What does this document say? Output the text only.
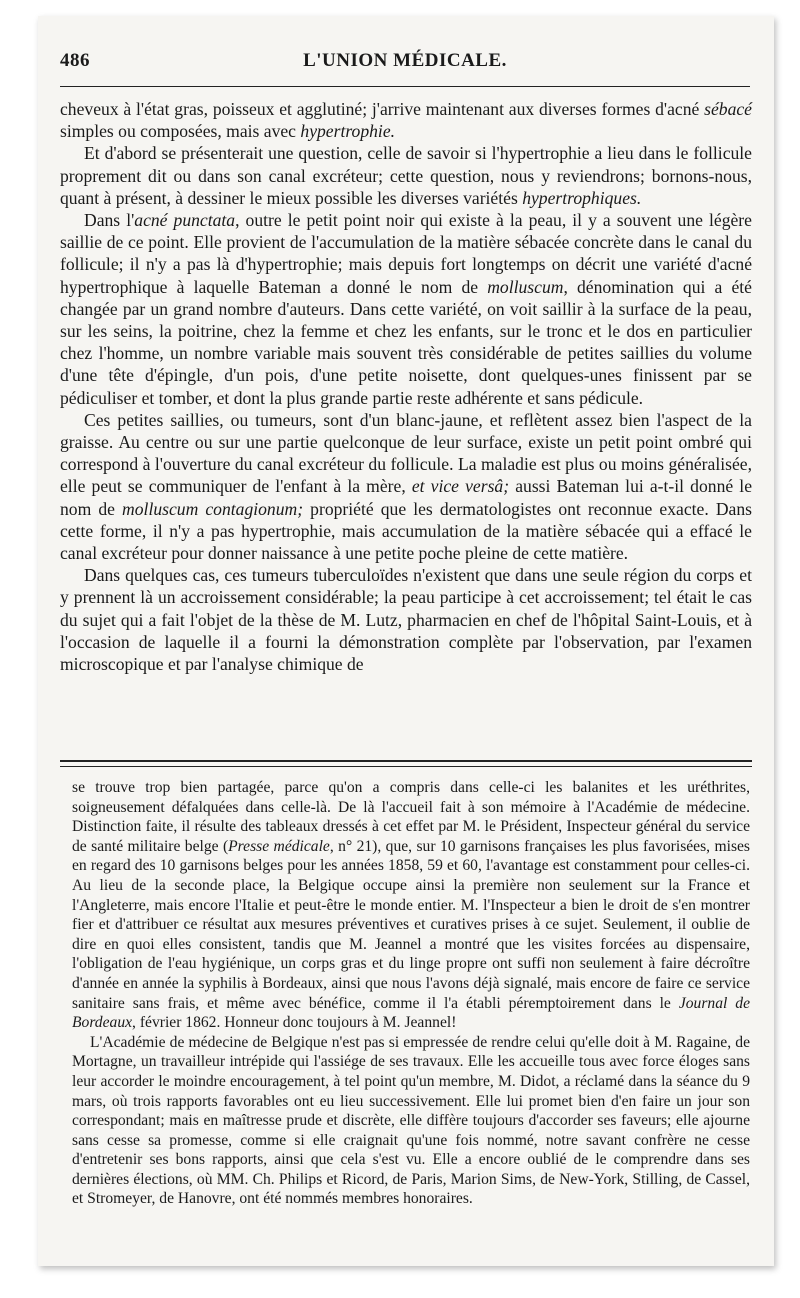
486	L'UNION MÉDICALE.

cheveux à l'état gras, poisseux et agglutiné; j'arrive maintenant aux diverses formes d'acné sébacé simples ou composées, mais avec hypertrophie.

Et d'abord se présenterait une question, celle de savoir si l'hypertrophie a lieu dans le follicule proprement dit ou dans son canal excréteur; cette question, nous y reviendrons; bornons-nous, quant à présent, à dessiner le mieux possible les diverses variétés hypertrophiques.

Dans l'acné punctata, outre le petit point noir qui existe à la peau, il y a souvent une légère saillie de ce point. Elle provient de l'accumulation de la matière sébacée concrète dans le canal du follicule; il n'y a pas là d'hypertrophie; mais depuis fort longtemps on décrit une variété d'acné hypertrophique à laquelle Bateman a donné le nom de molluscum, dénomination qui a été changée par un grand nombre d'auteurs. Dans cette variété, on voit saillir à la surface de la peau, sur les seins, la poitrine, chez la femme et chez les enfants, sur le tronc et le dos en particulier chez l'homme, un nombre variable mais souvent très considérable de petites saillies du volume d'une tête d'épingle, d'un pois, d'une petite noisette, dont quelques-unes finissent par se pédiculiser et tomber, et dont la plus grande partie reste adhérente et sans pédicule.

Ces petites saillies, ou tumeurs, sont d'un blanc-jaune, et reflètent assez bien l'aspect de la graisse. Au centre ou sur une partie quelconque de leur surface, existe un petit point ombré qui correspond à l'ouverture du canal excréteur du follicule. La maladie est plus ou moins généralisée, elle peut se communiquer de l'enfant à la mère, et vice versâ; aussi Bateman lui a-t-il donné le nom de molluscum contagionum; propriété que les dermatologistes ont reconnue exacte. Dans cette forme, il n'y a pas hypertrophie, mais accumulation de la matière sébacée qui a effacé le canal excréteur pour donner naissance à une petite poche pleine de cette matière.

Dans quelques cas, ces tumeurs tuberculoïdes n'existent que dans une seule région du corps et y prennent là un accroissement considérable; la peau participe à cet accroissement; tel était le cas du sujet qui a fait l'objet de la thèse de M. Lutz, pharmacien en chef de l'hôpital Saint-Louis, et à l'occasion de laquelle il a fourni la démonstration complète par l'observation, par l'examen microscopique et par l'analyse chimique de

se trouve trop bien partagée, parce qu'on a compris dans celle-ci les balanites et les uréthrites, soigneusement défalquées dans celle-là. De là l'accueil fait à son mémoire à l'Académie de médecine. Distinction faite, il résulte des tableaux dressés à cet effet par M. le Président, Inspecteur général du service de santé militaire belge (Presse médicale, n° 21), que, sur 10 garnisons françaises les plus favorisées, mises en regard des 10 garnisons belges pour les années 1858, 59 et 60, l'avantage est constamment pour celles-ci. Au lieu de la seconde place, la Belgique occupe ainsi la première non seulement sur la France et l'Angleterre, mais encore l'Italie et peut-être le monde entier. M. l'Inspecteur a bien le droit de s'en montrer fier et d'attribuer ce résultat aux mesures préventives et curatives prises à ce sujet. Seulement, il oublie de dire en quoi elles consistent, tandis que M. Jeannel a montré que les visites forcées au dispensaire, l'obligation de l'eau hygiénique, un corps gras et du linge propre ont suffi non seulement à faire décroître d'année en année la syphilis à Bordeaux, ainsi que nous l'avons déjà signalé, mais encore de faire ce service sanitaire sans frais, et même avec bénéfice, comme il l'a établi péremptoirement dans le Journal de Bordeaux, février 1862. Honneur donc toujours à M. Jeannel!

L'Académie de médecine de Belgique n'est pas si empressée de rendre celui qu'elle doit à M. Ragaine, de Mortagne, un travailleur intrépide qui l'assiége de ses travaux. Elle les accueille tous avec force éloges sans leur accorder le moindre encouragement, à tel point qu'un membre, M. Didot, a réclamé dans la séance du 9 mars, où trois rapports favorables ont eu lieu successivement. Elle lui promet bien d'en faire un jour son correspondant; mais en maîtresse prude et discrète, elle diffère toujours d'accorder ses faveurs; elle ajourne sans cesse sa promesse, comme si elle craignait qu'une fois nommé, notre savant confrère ne cesse d'entretenir ses bons rapports, ainsi que cela s'est vu. Elle a encore oublié de le comprendre dans ses dernières élections, où MM. Ch. Philips et Ricord, de Paris, Marion Sims, de New-York, Stilling, de Cassel, et Stromeyer, de Hanovre, ont été nommés membres honoraires.
